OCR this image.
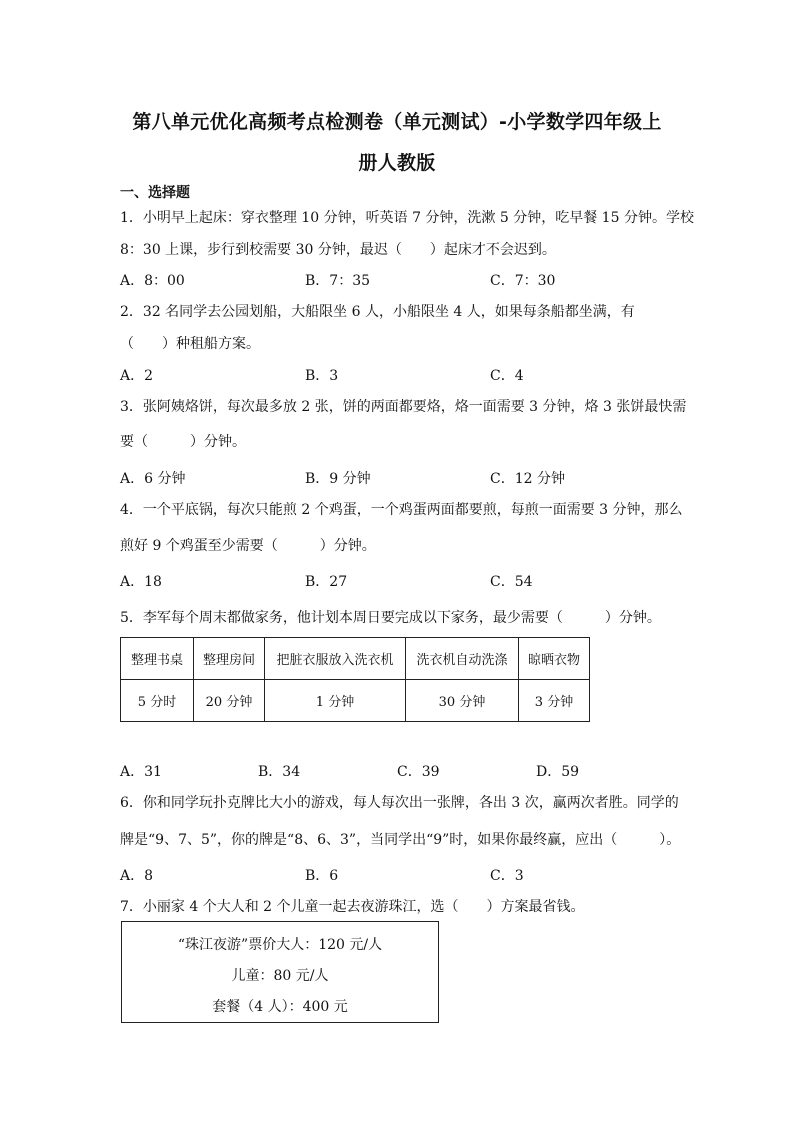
第八单元优化高频考点检测卷（单元测试）-小学数学四年级上
册人教版
一、选择题
1．小明早上起床：穿衣整理 10 分钟，听英语 7 分钟，洗漱 5 分钟，吃早餐 15 分钟。学校
8：30 上课，步行到校需要 30 分钟，最迟（　　）起床才不会迟到。
A．8：00	B．7：35	C．7：30
2．32 名同学去公园划船，大船限坐 6 人，小船限坐 4 人，如果每条船都坐满，有
（　　）种租船方案。
A．2	B．3	C．4
3．张阿姨烙饼，每次最多放 2 张，饼的两面都要烙，烙一面需要 3 分钟，烙 3 张饼最快需
要（　　　）分钟。
A．6 分钟	B．9 分钟	C．12 分钟
4．一个平底锅，每次只能煎 2 个鸡蛋，一个鸡蛋两面都要煎，每煎一面需要 3 分钟，那么
煎好 9 个鸡蛋至少需要（　　　）分钟。
A．18	B．27	C．54
5．李军每个周末都做家务，他计划本周日要完成以下家务，最少需要（　　　）分钟。
整理书桌	整理房间	把脏衣服放入洗衣机	洗衣机自动洗涤	晾晒衣物
5 分时	20 分钟	1 分钟	30 分钟	3 分钟
A．31	B．34	C．39	D．59
6．你和同学玩扑克牌比大小的游戏，每人每次出一张牌，各出 3 次，赢两次者胜。同学的
牌是“9、7、5”，你的牌是“8、6、3”，当同学出“9”时，如果你最终赢，应出（　　　）。
A．8	B．6	C．3
7．小丽家 4 个大人和 2 个儿童一起去夜游珠江，选（　　）方案最省钱。
“珠江夜游”票价大人：120 元/人
儿童：80 元/人
套餐（4 人）：400 元
